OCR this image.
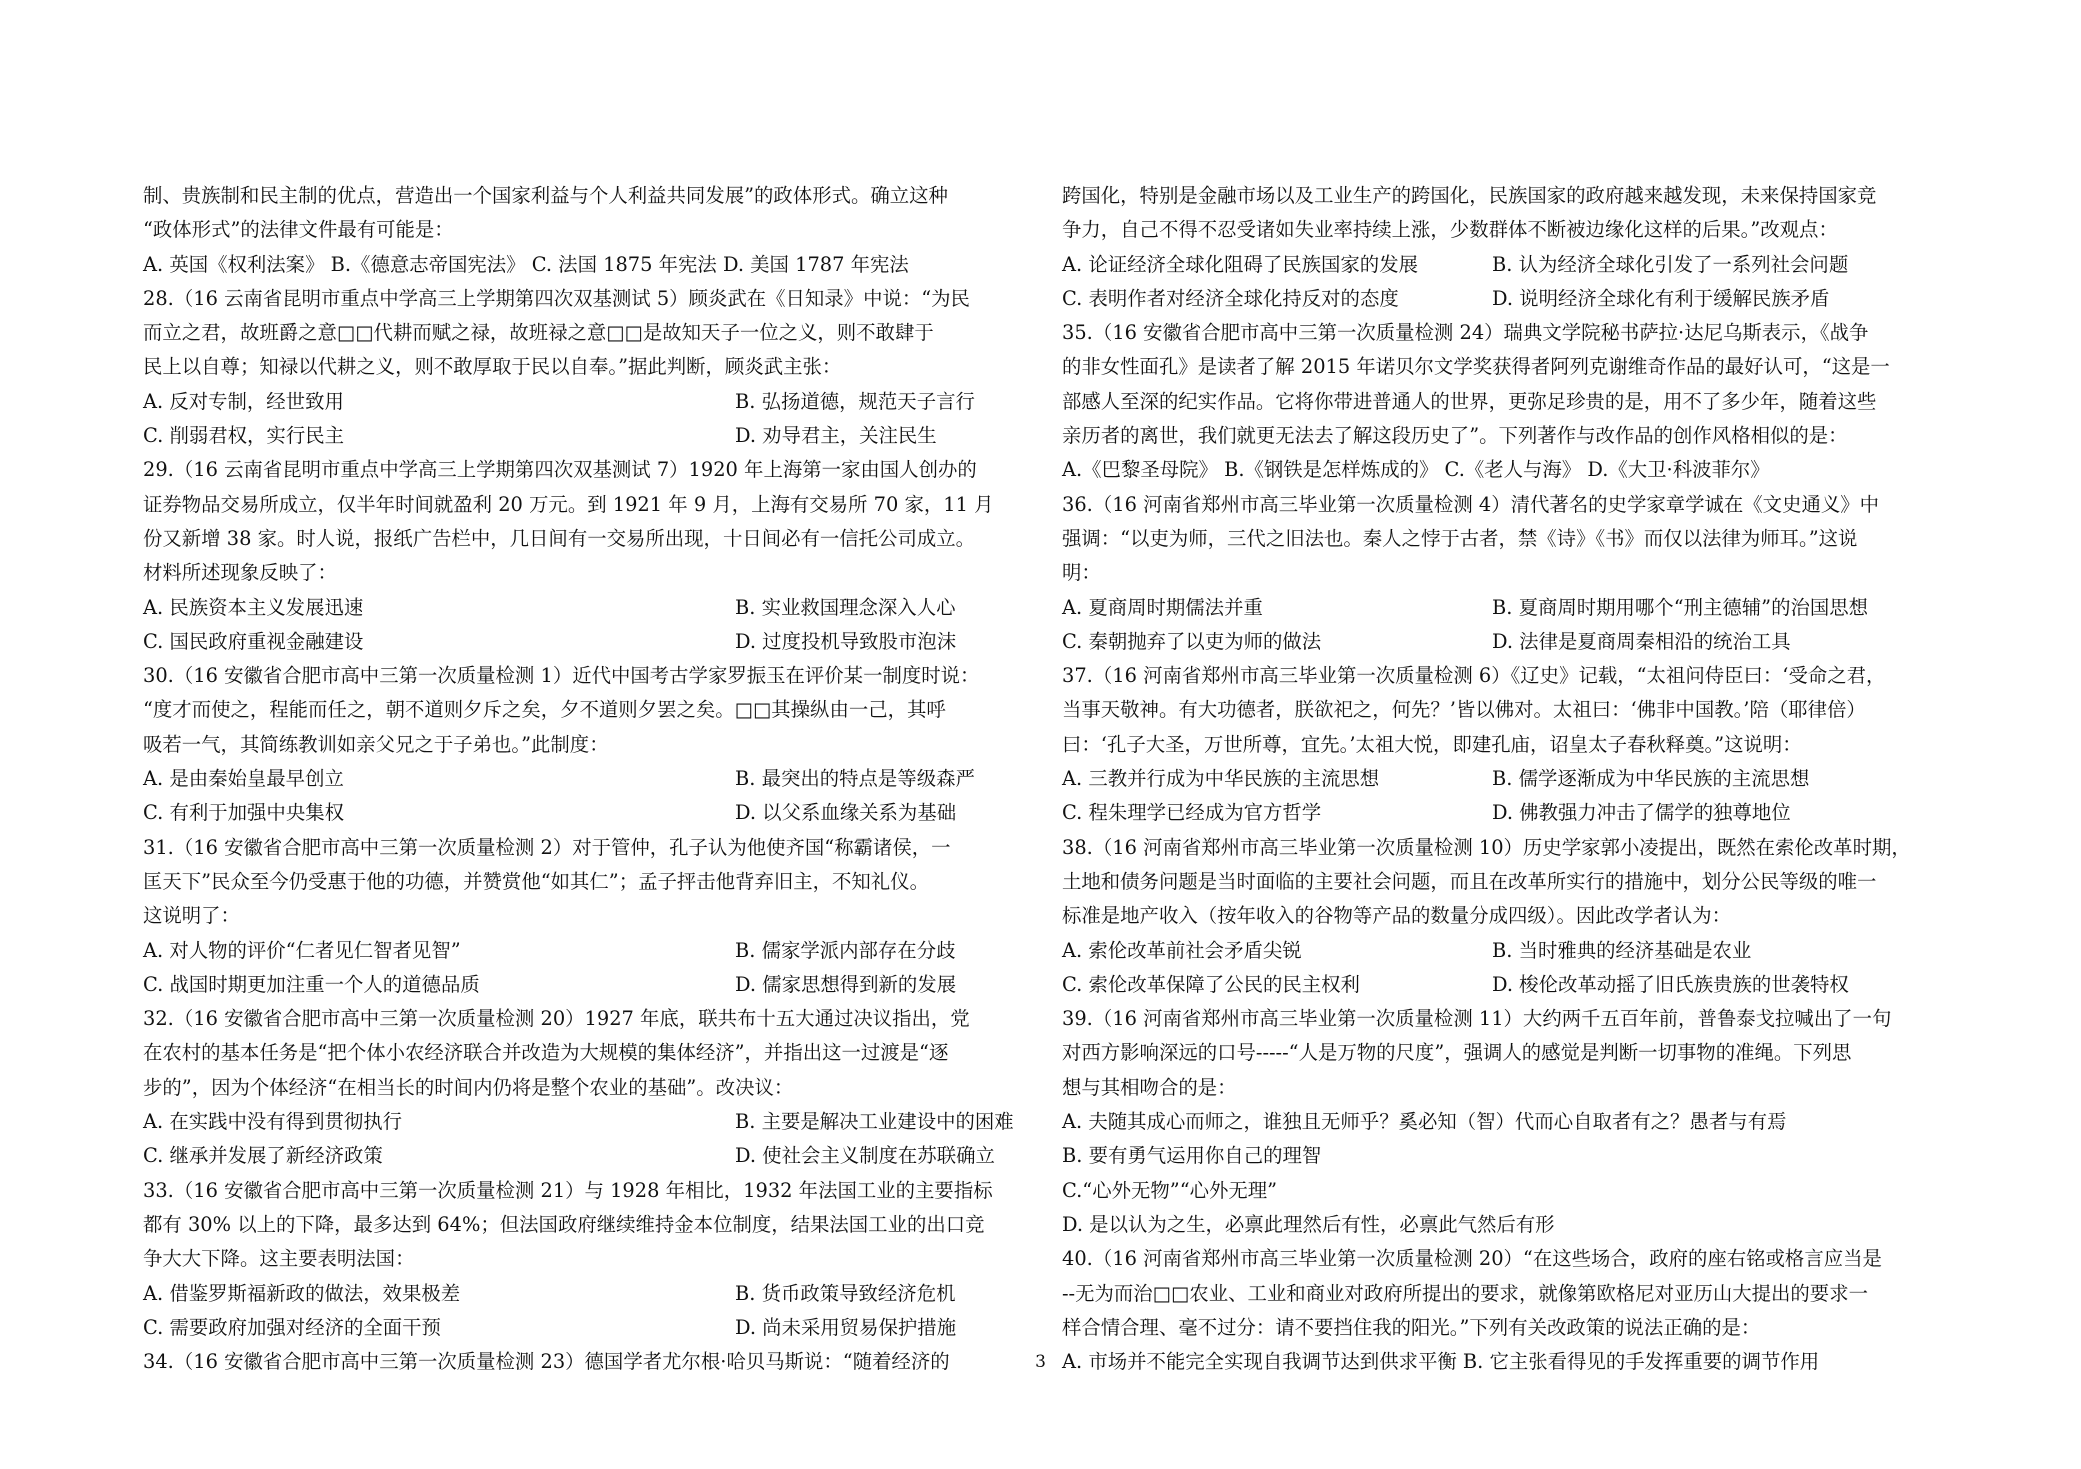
制、贵族制和民主制的优点，营造出一个国家利益与个人利益共同发展”的政体形式。确立这种
“政体形式”的法律文件最有可能是：
A. 英国《权利法案》 B.《德意志帝国宪法》 C. 法国 1875 年宪法 D. 美国 1787 年宪法
28.（16 云南省昆明市重点中学高三上学期第四次双基测试 5）顾炎武在《日知录》中说：“为民
而立之君，故班爵之意□□代耕而赋之禄，故班禄之意□□是故知天子一位之义，则不敢肆于
民上以自尊；知禄以代耕之义，则不敢厚取于民以自奉。”据此判断，顾炎武主张：
A. 反对专制，经世致用	B. 弘扬道德，规范天子言行
C. 削弱君权，实行民主	D. 劝导君主，关注民生
29.（16 云南省昆明市重点中学高三上学期第四次双基测试 7）1920 年上海第一家由国人创办的
证券物品交易所成立，仅半年时间就盈利 20 万元。到 1921 年 9 月，上海有交易所 70 家，11 月
份又新增 38 家。时人说，报纸广告栏中，几日间有一交易所出现，十日间必有一信托公司成立。
材料所述现象反映了：
A. 民族资本主义发展迅速	B. 实业救国理念深入人心
C. 国民政府重视金融建设	D. 过度投机导致股市泡沫
30.（16 安徽省合肥市高中三第一次质量检测 1）近代中国考古学家罗振玉在评价某一制度时说：
“度才而使之，程能而任之，朝不道则夕斥之矣，夕不道则夕罢之矣。□□其操纵由一己，其呼
吸若一气，其简练教训如亲父兄之于子弟也。”此制度：
A. 是由秦始皇最早创立	B. 最突出的特点是等级森严
C. 有利于加强中央集权	D. 以父系血缘关系为基础
31.（16 安徽省合肥市高中三第一次质量检测 2）对于管仲，孔子认为他使齐国“称霸诸侯，一
匡天下”民众至今仍受惠于他的功德，并赞赏他“如其仁”；孟子抨击他背弃旧主，不知礼仪。
这说明了：
A. 对人物的评价“仁者见仁智者见智”	B. 儒家学派内部存在分歧
C. 战国时期更加注重一个人的道德品质	D. 儒家思想得到新的发展
32.（16 安徽省合肥市高中三第一次质量检测 20）1927 年底，联共布十五大通过决议指出，党
在农村的基本任务是“把个体小农经济联合并改造为大规模的集体经济”，并指出这一过渡是“逐
步的”，因为个体经济“在相当长的时间内仍将是整个农业的基础”。改决议：
A. 在实践中没有得到贯彻执行	B. 主要是解决工业建设中的困难
C. 继承并发展了新经济政策	D. 使社会主义制度在苏联确立
33.（16 安徽省合肥市高中三第一次质量检测 21）与 1928 年相比，1932 年法国工业的主要指标
都有 30% 以上的下降，最多达到 64%；但法国政府继续维持金本位制度，结果法国工业的出口竞
争大大下降。这主要表明法国：
A. 借鉴罗斯福新政的做法，效果极差	B. 货币政策导致经济危机
C. 需要政府加强对经济的全面干预	D. 尚未采用贸易保护措施
34.（16 安徽省合肥市高中三第一次质量检测 23）德国学者尤尔根·哈贝马斯说：“随着经济的
跨国化，特别是金融市场以及工业生产的跨国化，民族国家的政府越来越发现，未来保持国家竞
争力，自己不得不忍受诸如失业率持续上涨，少数群体不断被边缘化这样的后果。”改观点：
A. 论证经济全球化阻碍了民族国家的发展	B. 认为经济全球化引发了一系列社会问题
C. 表明作者对经济全球化持反对的态度	D. 说明经济全球化有利于缓解民族矛盾
35.（16 安徽省合肥市高中三第一次质量检测 24）瑞典文学院秘书萨拉·达尼乌斯表示，《战争
的非女性面孔》是读者了解 2015 年诺贝尔文学奖获得者阿列克谢维奇作品的最好认可，“这是一
部感人至深的纪实作品。它将你带进普通人的世界，更弥足珍贵的是，用不了多少年，随着这些
亲历者的离世，我们就更无法去了解这段历史了”。下列著作与改作品的创作风格相似的是：
A.《巴黎圣母院》 B.《钢铁是怎样炼成的》 C.《老人与海》 D.《大卫·科波菲尔》
36.（16 河南省郑州市高三毕业第一次质量检测 4）清代著名的史学家章学诚在《文史通义》中
强调：“以吏为师，三代之旧法也。秦人之悖于古者，禁《诗》《书》而仅以法律为师耳。”这说
明：
A. 夏商周时期儒法并重	B. 夏商周时期用哪个“刑主德辅”的治国思想
C. 秦朝抛弃了以吏为师的做法	D. 法律是夏商周秦相沿的统治工具
37.（16 河南省郑州市高三毕业第一次质量检测 6）《辽史》记载，“太祖问侍臣曰：‘受命之君，
当事天敬神。有大功德者，朕欲祀之，何先？’皆以佛对。太祖曰：‘佛非中国教。’陪（耶律倍）
曰：‘孔子大圣，万世所尊，宜先。’太祖大悦，即建孔庙，诏皇太子春秋释奠。”这说明：
A. 三教并行成为中华民族的主流思想	B. 儒学逐渐成为中华民族的主流思想
C. 程朱理学已经成为官方哲学	D. 佛教强力冲击了儒学的独尊地位
38.（16 河南省郑州市高三毕业第一次质量检测 10）历史学家郭小凌提出，既然在索伦改革时期，
土地和债务问题是当时面临的主要社会问题，而且在改革所实行的措施中，划分公民等级的唯一
标准是地产收入（按年收入的谷物等产品的数量分成四级）。因此改学者认为：
A. 索伦改革前社会矛盾尖锐	B. 当时雅典的经济基础是农业
C. 索伦改革保障了公民的民主权利	D. 梭伦改革动摇了旧氏族贵族的世袭特权
39.（16 河南省郑州市高三毕业第一次质量检测 11）大约两千五百年前，普鲁泰戈拉喊出了一句
对西方影响深远的口号-----“人是万物的尺度”，强调人的感觉是判断一切事物的准绳。下列思
想与其相吻合的是：
A. 夫随其成心而师之，谁独且无师乎？奚必知（智）代而心自取者有之？愚者与有焉
B. 要有勇气运用你自己的理智
C.“心外无物”“心外无理”
D. 是以认为之生，必禀此理然后有性，必禀此气然后有形
40.（16 河南省郑州市高三毕业第一次质量检测 20）“在这些场合，政府的座右铭或格言应当是
--无为而治□□农业、工业和商业对政府所提出的要求，就像第欧格尼对亚历山大提出的要求一
样合情合理、毫不过分：请不要挡住我的阳光。”下列有关改政策的说法正确的是：
A. 市场并不能完全实现自我调节达到供求平衡 B. 它主张看得见的手发挥重要的调节作用
3
